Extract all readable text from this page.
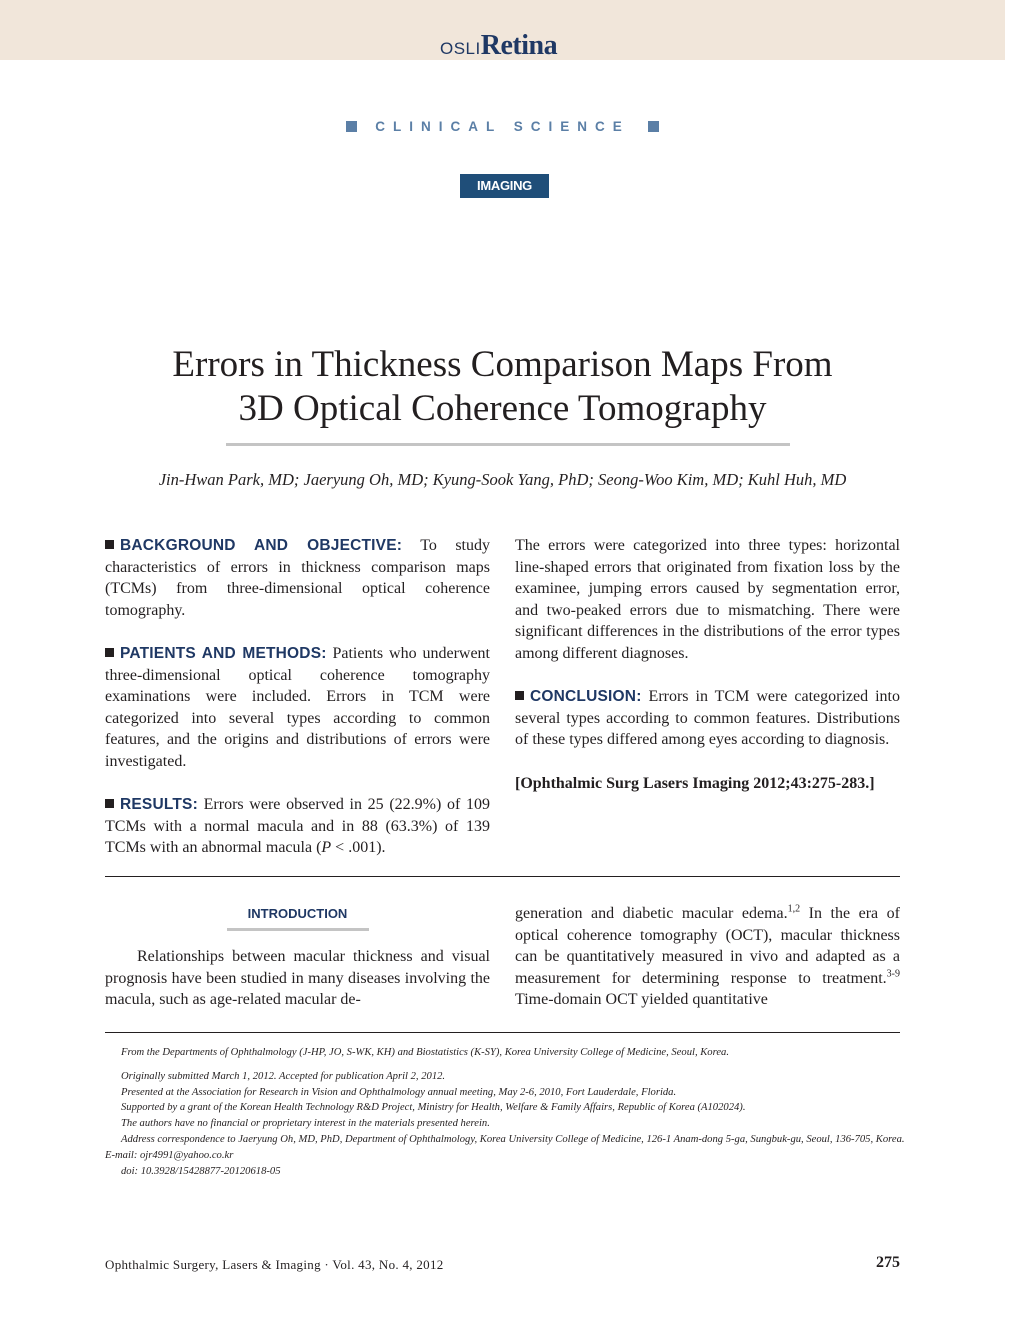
OSLIRetina
CLINICAL SCIENCE
IMAGING
Errors in Thickness Comparison Maps From
3D Optical Coherence Tomography
Jin-Hwan Park, MD; Jaeryung Oh, MD; Kyung-Sook Yang, PhD; Seong-Woo Kim, MD; Kuhl Huh, MD

BACKGROUND AND OBJECTIVE: To study characteristics of errors in thickness comparison maps (TCMs) from three-dimensional optical coherence tomography.

PATIENTS AND METHODS: Patients who underwent three-dimensional optical coherence tomography examinations were included. Errors in TCM were categorized into several types according to common features, and the origins and distributions of errors were investigated.

RESULTS: Errors were observed in 25 (22.9%) of 109 TCMs with a normal macula and in 88 (63.3%) of 139 TCMs with an abnormal macula (P < .001).

The errors were categorized into three types: horizontal line-shaped errors that originated from fixation loss by the examinee, jumping errors caused by segmentation error, and two-peaked errors due to mismatching. There were significant differences in the distributions of the error types among different diagnoses.

CONCLUSION: Errors in TCM were categorized into several types according to common features. Distributions of these types differed among eyes according to diagnosis.

[Ophthalmic Surg Lasers Imaging 2012;43:275-283.]

INTRODUCTION

Relationships between macular thickness and visual prognosis have been studied in many diseases involving the macula, such as age-related macular de-

generation and diabetic macular edema.$^{1,2}$ In the era of optical coherence tomography (OCT), macular thickness can be quantitatively measured in vivo and adapted as a measurement for determining response to treatment.$^{3-9}$ Time-domain OCT yielded quantitative

From the Departments of Ophthalmology (J-HP, JO, S-WK, KH) and Biostatistics (K-SY), Korea University College of Medicine, Seoul, Korea.
Originally submitted March 1, 2012. Accepted for publication April 2, 2012.
Presented at the Association for Research in Vision and Ophthalmology annual meeting, May 2-6, 2010, Fort Lauderdale, Florida.
Supported by a grant of the Korean Health Technology R&D Project, Ministry for Health, Welfare & Family Affairs, Republic of Korea (A102024).
The authors have no financial or proprietary interest in the materials presented herein.
Address correspondence to Jaeryung Oh, MD, PhD, Department of Ophthalmology, Korea University College of Medicine, 126-1 Anam-dong 5-ga, Sungbuk-gu, Seoul, 136-705, Korea. E-mail: ojr4991@yahoo.co.kr
doi: 10.3928/15428877-20120618-05
Ophthalmic Surgery, Lasers & Imaging · Vol. 43, No. 4, 2012	275
